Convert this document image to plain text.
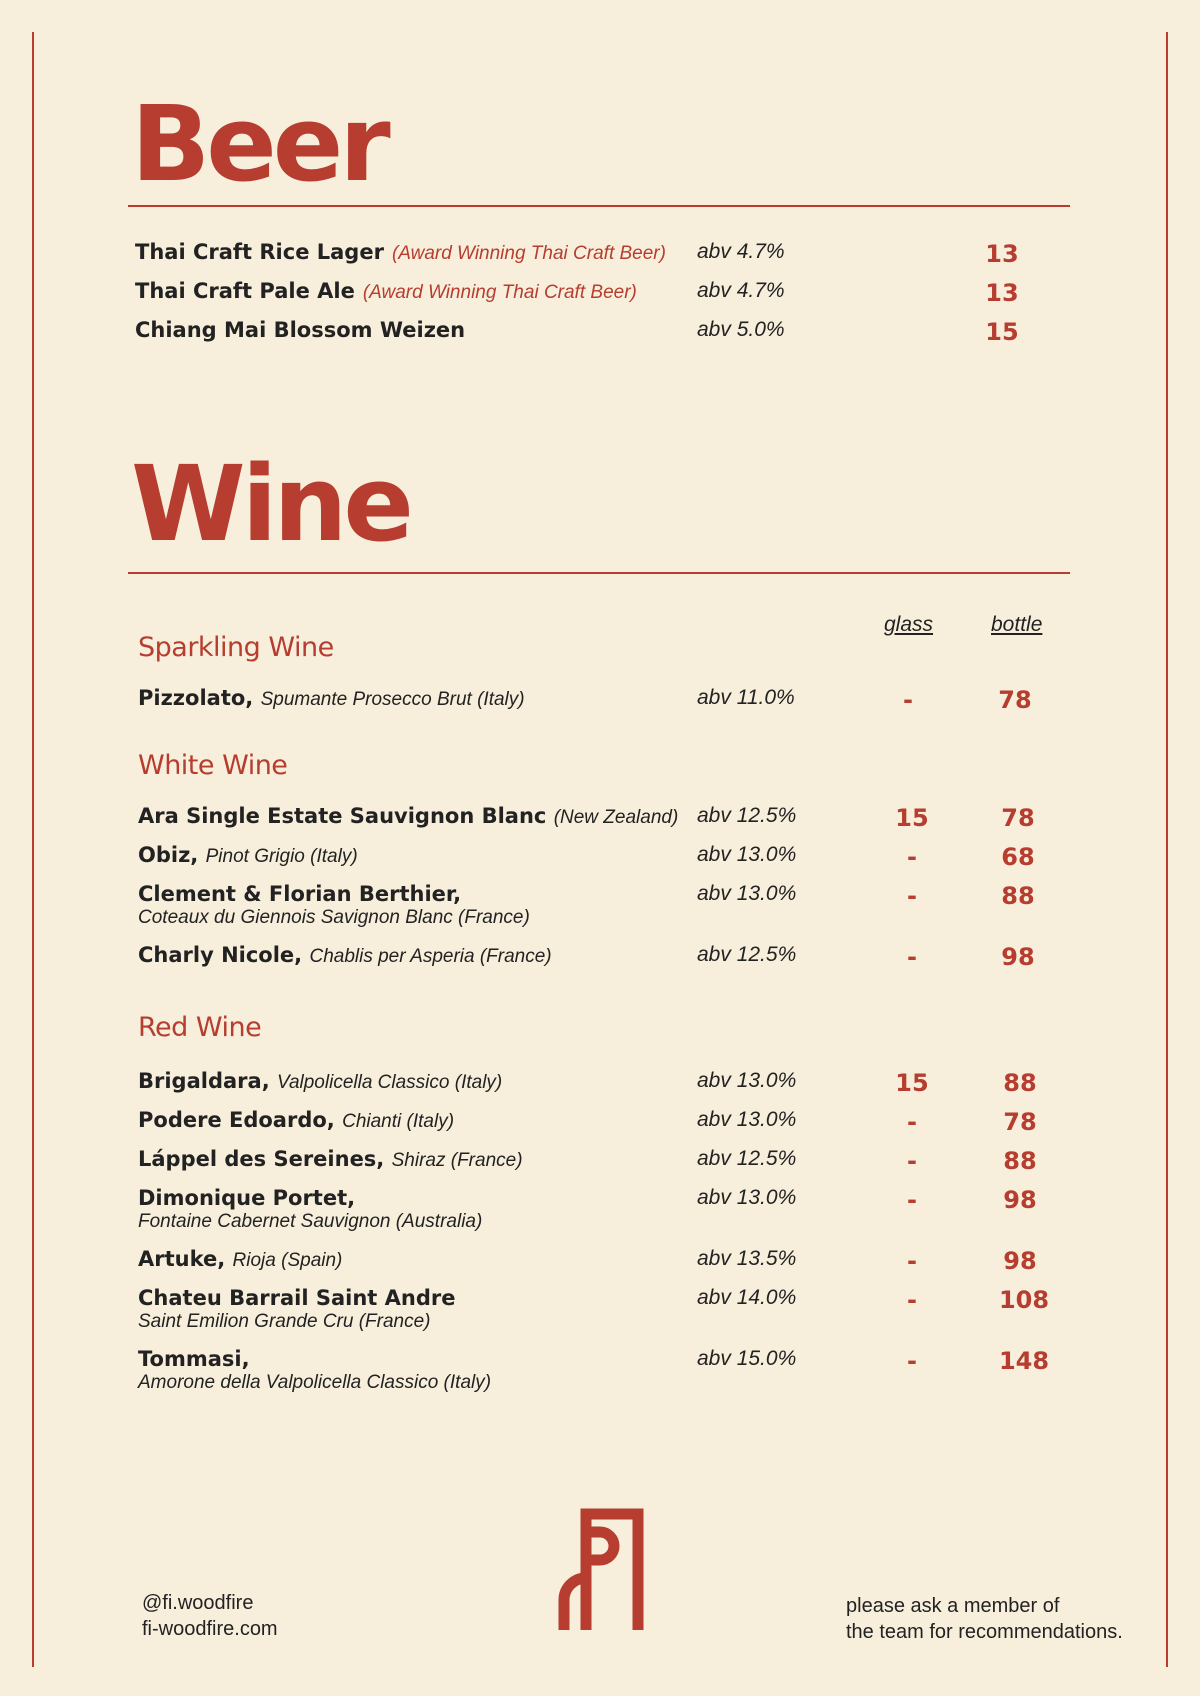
Beer
Thai Craft Rice Lager (Award Winning Thai Craft Beer) abv 4.7%	13
Thai Craft Pale Ale (Award Winning Thai Craft Beer)	abv 4.7%	13
Chiang Mai Blossom Weizen	abv 5.0%	15
Wine
glass	bottle
Sparkling Wine
Pizzolato, Spumante Prosecco Brut (Italy)	abv 11.0%	-	78
White Wine
Ara Single Estate Sauvignon Blanc (New Zealand) abv 12.5%	15	78
Obiz, Pinot Grigio (Italy)	abv 13.0%	-	68
Clement & Florian Berthier,
Coteaux du Giennois Savignon Blanc (France)
abv 13.0%	-	88
Charly Nicole, Chablis per Asperia (France)	abv 12.5%	-	98
Red Wine
Brigaldara, Valpolicella Classico (Italy)	abv 13.0%	15	88
Podere Edoardo, Chianti (Italy)	abv 13.0%	-	78
Láppel des Sereines, Shiraz (France)	abv 12.5%	-	88
Dimonique Portet,
Fontaine Cabernet Sauvignon (Australia)
abv 13.0%	-	98
Artuke, Rioja (Spain)	abv 13.5%	-	98
Chateu Barrail Saint Andre
Saint Emilion Grande Cru (France)
abv 14.0%	-	108
Tommasi,
Amorone della Valpolicella Classico (Italy)
abv 15.0%	-	148
@fi.woodfire
fi-woodfire.com
please ask a member of
the team for recommendations.
